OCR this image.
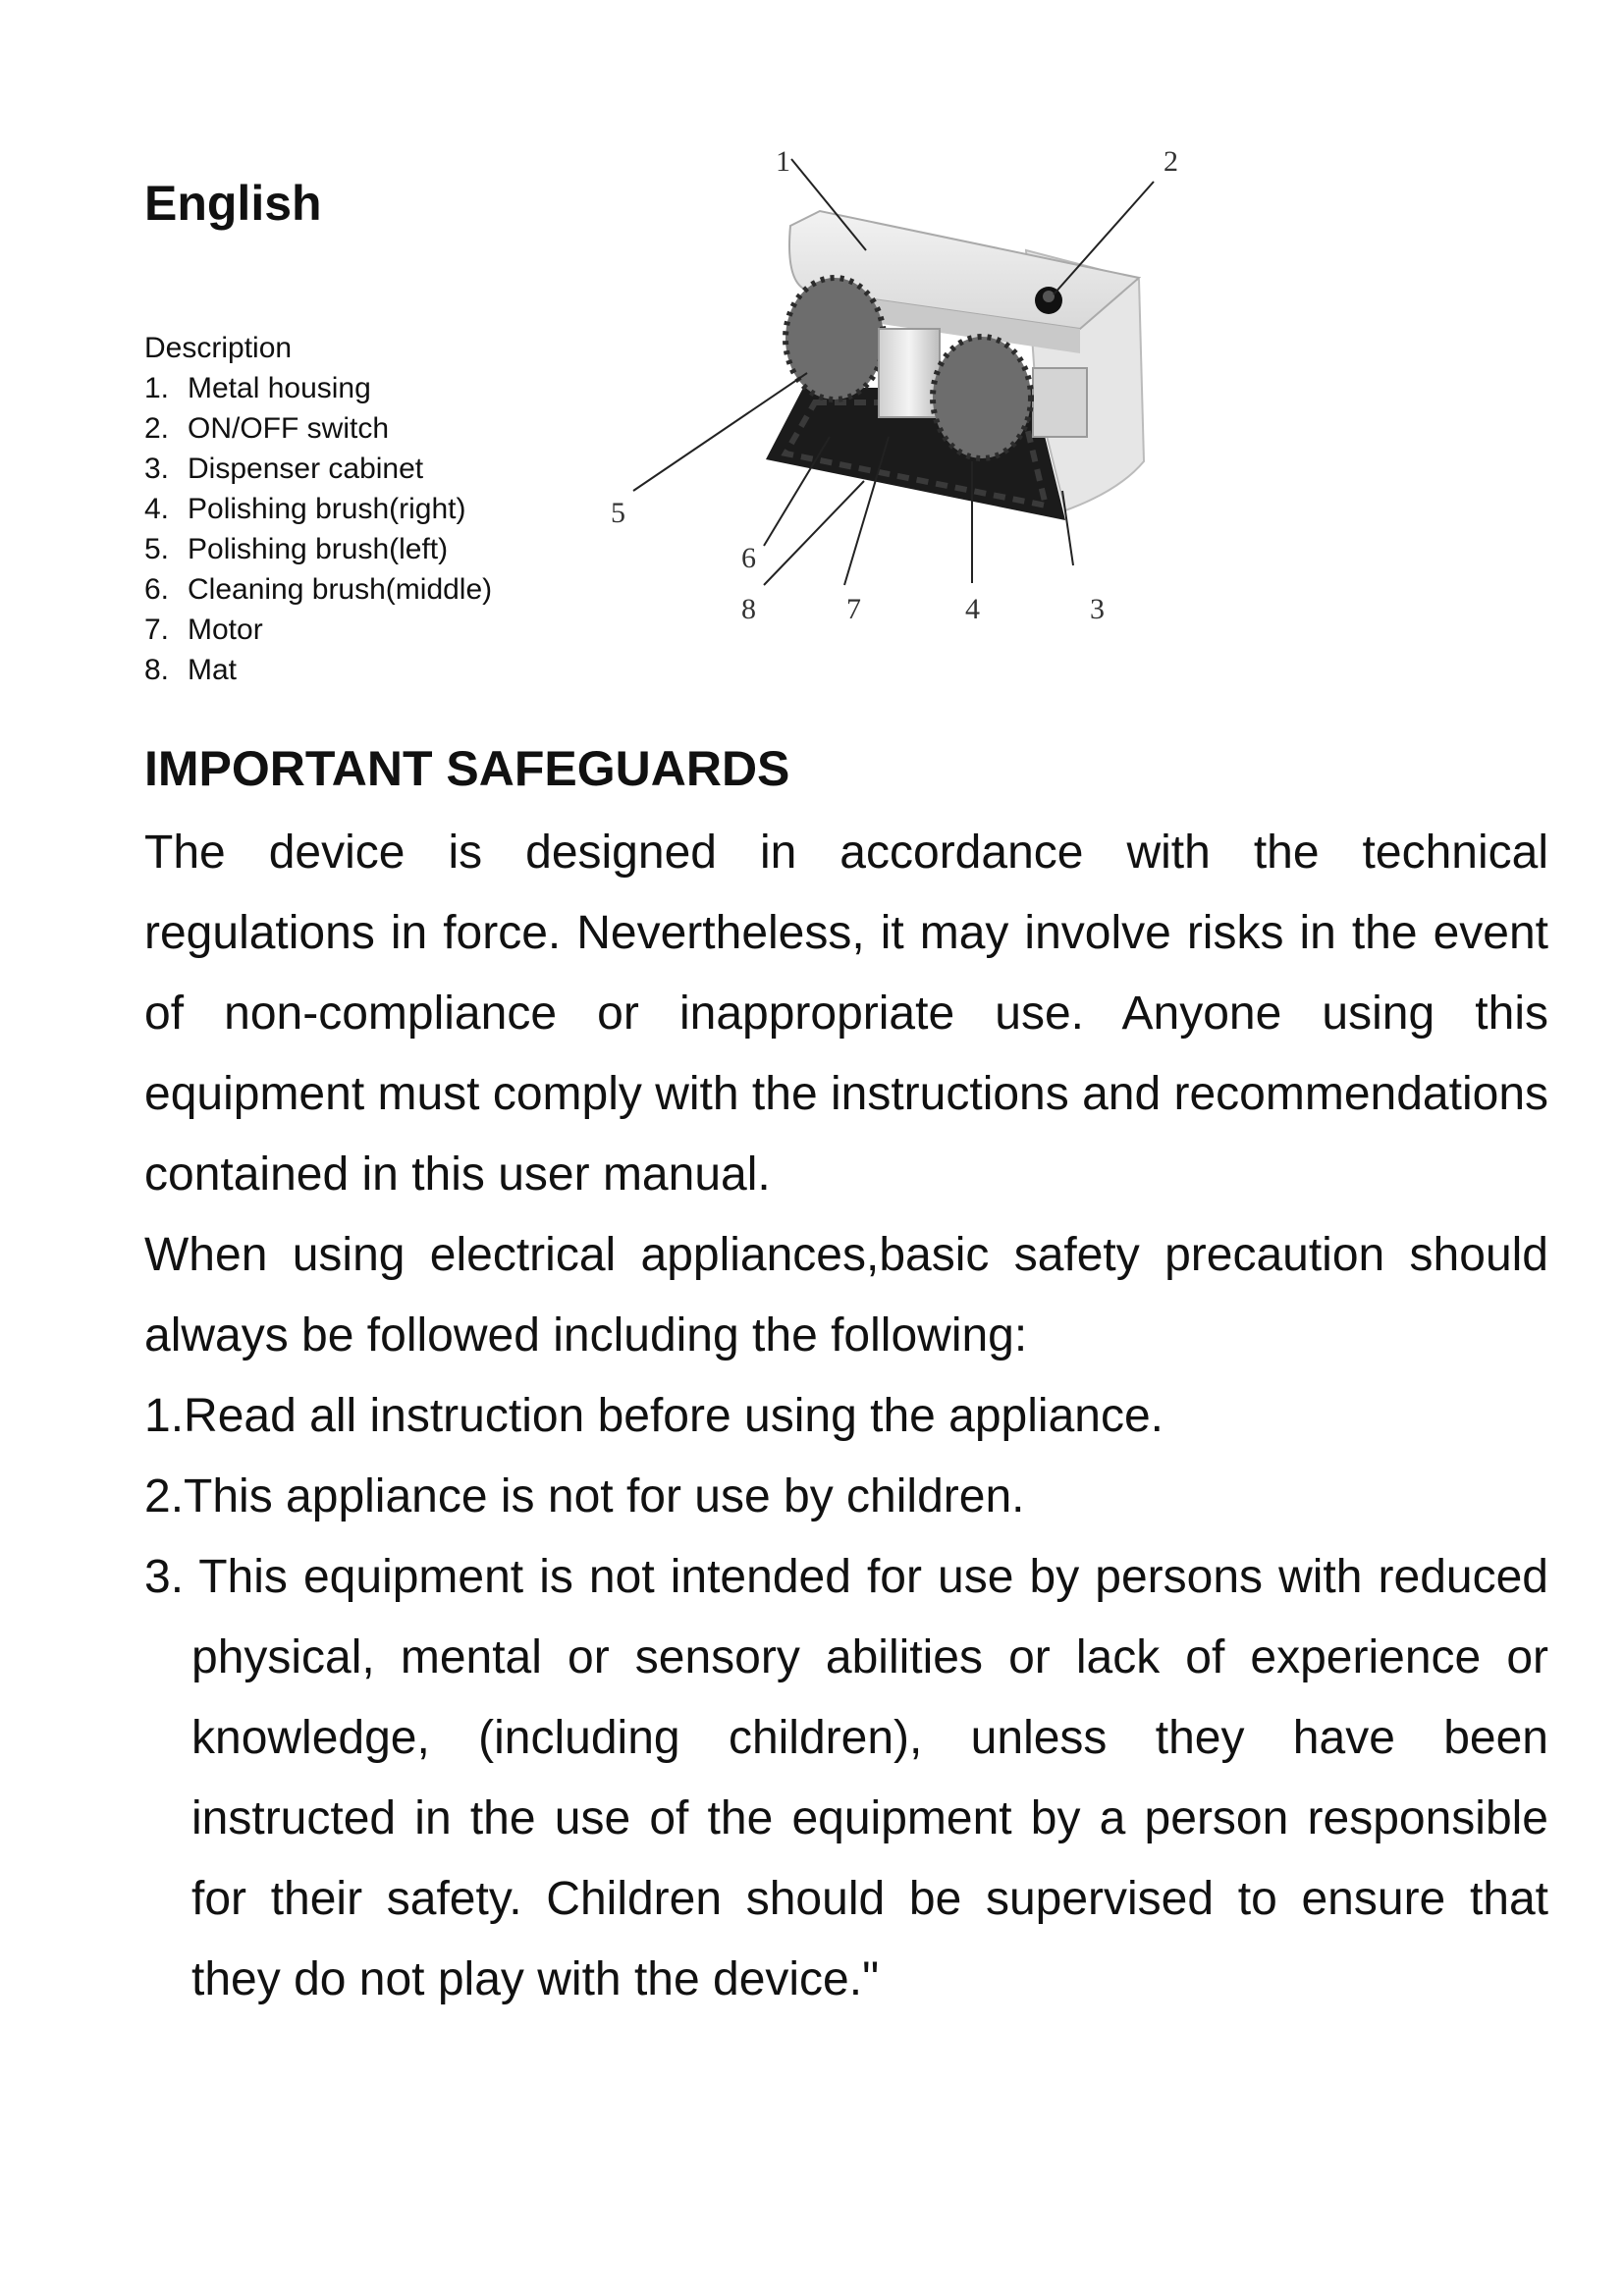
English
Description
1. Metal housing
2. ON/OFF switch
3. Dispenser cabinet
4. Polishing brush(right)
5. Polishing brush(left)
6. Cleaning brush(middle)
7. Motor
8. Mat
1	2
3
4
5
6
7
8
IMPORTANT SAFEGUARDS

The device is designed in accordance with the technical regulations in force. Nevertheless, it may involve risks in the event of non-compliance or inappropriate use. Anyone using this equipment must comply with the instructions and recommendations contained in this user manual.

When using electrical appliances,basic safety precaution should always be followed including the following:

1.Read all instruction before using the appliance.
2.This appliance is not for use by children.
3. This equipment is not intended for use by persons with reduced physical, mental or sensory abilities or lack of experience or knowledge, (including children), unless they have been instructed in the use of the equipment by a person responsible for their safety. Children should be supervised to ensure that they do not play with the device."
